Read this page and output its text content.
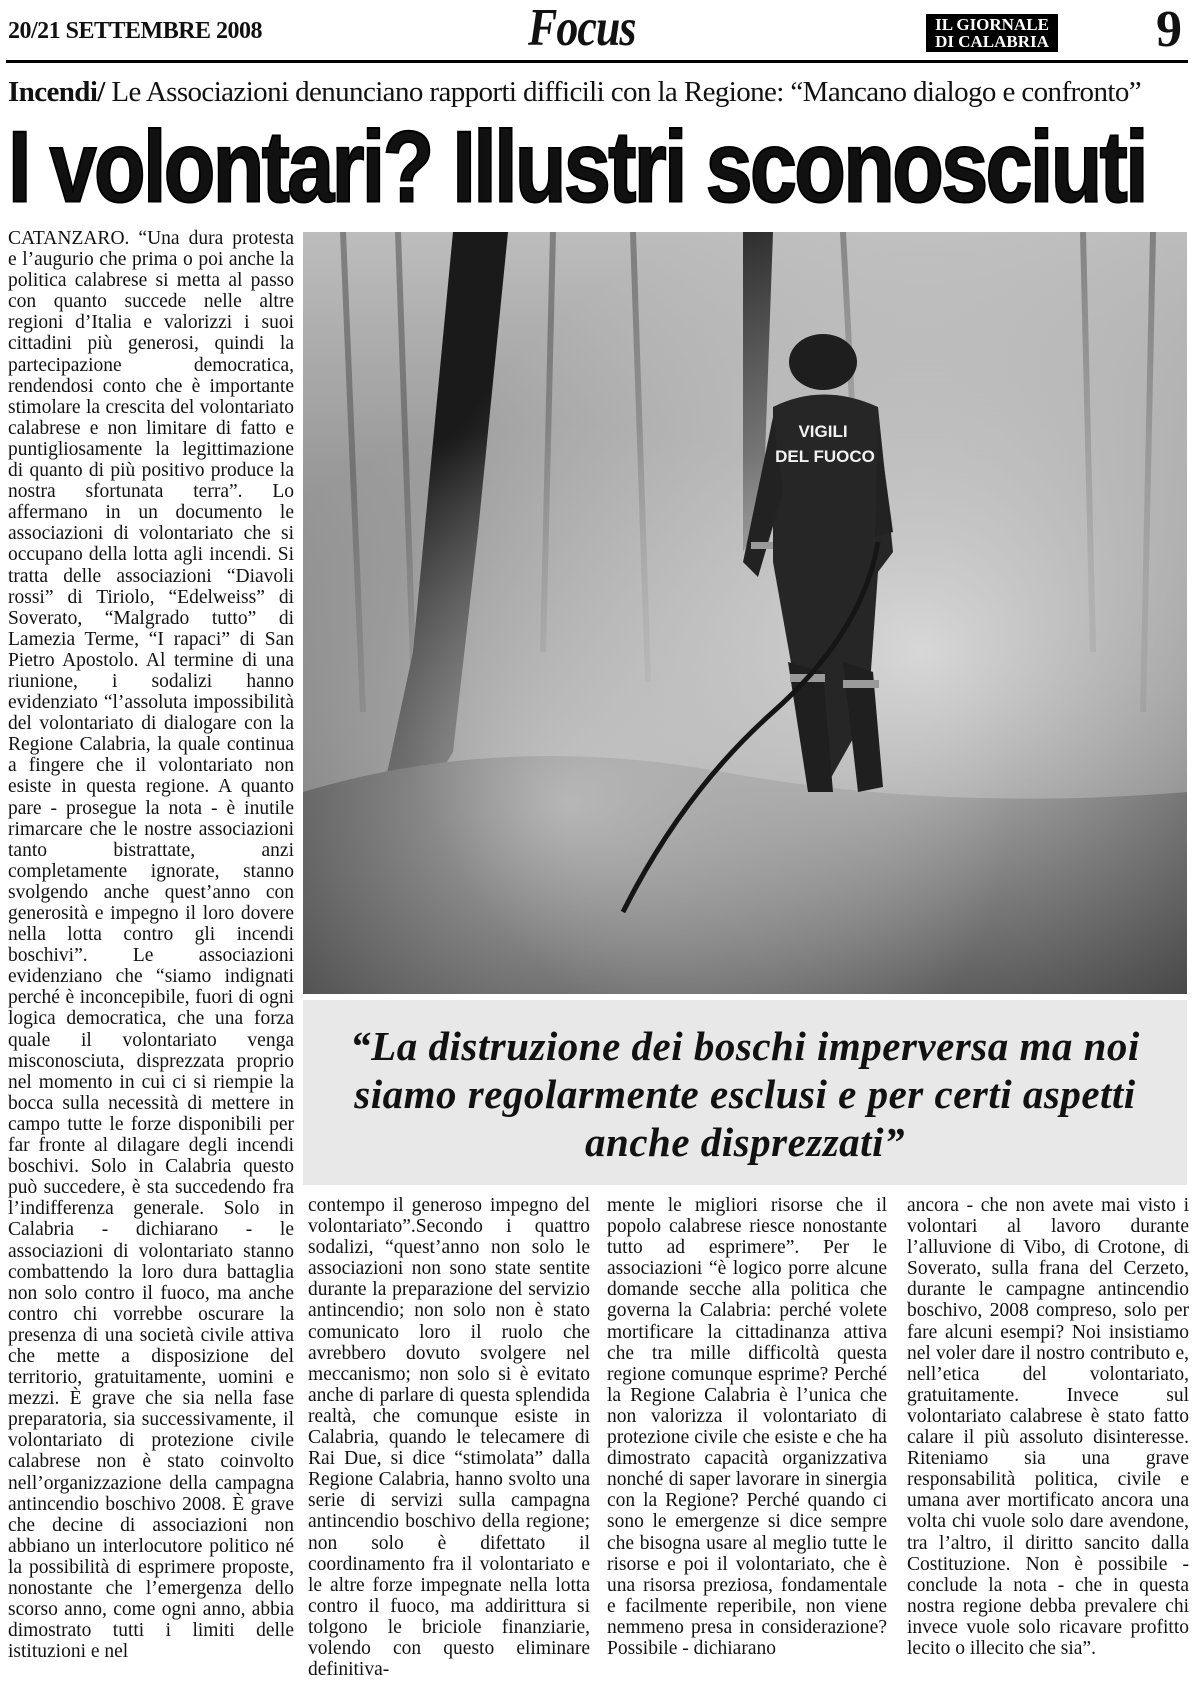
20/21 SETTEMBRE 2008	Focus	IL GIORNALE
DI CALABRIA 9
Incendi/ Le Associazioni denunciano rapporti difficili con la Regione: “Mancano dialogo e confronto”
I volontari? Illustri sconosciuti

CATANZARO. “Una dura protesta e l’augurio che prima o poi anche la politica calabrese si metta al passo con quanto succede nelle altre regioni d’Italia e valorizzi i suoi cittadini più generosi, quindi la partecipazione democratica, rendendosi conto che è importante stimolare la crescita del volontariato calabrese e non limitare di fatto e puntigliosamente la legittimazione di quanto di più positivo produce la nostra sfortunata terra”. Lo affermano in un documento le associazioni di volontariato che si occupano della lotta agli incendi. Si tratta delle associazioni “Diavoli rossi” di Tiriolo, “Edelweiss” di Soverato, “Malgrado tutto” di Lamezia Terme, “I rapaci” di San Pietro Apostolo. Al termine di una riunione, i sodalizi hanno evidenziato “l’assoluta impossibilità del volontariato di dialogare con la Regione Calabria, la quale continua a fingere che il volontariato non esiste in questa regione. A quanto pare - prosegue la nota - è inutile rimarcare che le nostre associazioni tanto bistrattate, anzi completamente ignorate, stanno svolgendo anche quest’anno con generosità e impegno il loro dovere nella lotta contro gli incendi boschivi”. Le associazioni evidenziano che “siamo indignati perché è inconcepibile, fuori di ogni logica democratica, che una forza quale il volontariato venga misconosciuta, disprezzata proprio nel momento in cui ci si riempie la bocca sulla necessità di mettere in campo tutte le forze disponibili per far fronte al dilagare degli incendi boschivi. Solo in Calabria questo può succedere, è sta succedendo fra l’indifferenza generale. Solo in Calabria - dichiarano - le associazioni di volontariato stanno combattendo la loro dura battaglia non solo contro il fuoco, ma anche contro chi vorrebbe oscurare la presenza di una società civile attiva che mette a disposizione del territorio, gratuitamente, uomini e mezzi. È grave che sia nella fase preparatoria, sia successivamente, il volontariato di protezione civile calabrese non è stato coinvolto nell’organizzazione della campagna antincendio boschivo 2008. È grave che decine di associazioni non abbiano un interlocutore politico né la possibilità di esprimere proposte, nonostante che l’emergenza dello scorso anno, come ogni anno, abbia dimostrato tutti i limiti delle istituzioni e nel

VIGILI
DEL FUOCO

“La distruzione dei boschi imperversa ma noi siamo regolarmente esclusi e per certi aspetti anche disprezzati”

contempo il generoso impegno del volontariato”.Secondo i quattro sodalizi, “quest’anno non solo le associazioni non sono state sentite durante la preparazione del servizio antincendio; non solo non è stato comunicato loro il ruolo che avrebbero dovuto svolgere nel meccanismo; non solo si è evitato anche di parlare di questa splendida realtà, che comunque esiste in Calabria, quando le telecamere di Rai Due, si dice “stimolata” dalla Regione Calabria, hanno svolto una serie di servizi sulla campagna antincendio boschivo della regione; non solo è difettato il coordinamento fra il volontariato e le altre forze impegnate nella lotta contro il fuoco, ma addirittura si tolgono le briciole finanziarie, volendo con questo eliminare definitiva-

mente le migliori risorse che il popolo calabrese riesce nonostante tutto ad esprimere”. Per le associazioni “è logico porre alcune domande secche alla politica che governa la Calabria: perché volete mortificare la cittadinanza attiva che tra mille difficoltà questa regione comunque esprime? Perché la Regione Calabria è l’unica che non valorizza il volontariato di protezione civile che esiste e che ha dimostrato capacità organizzativa nonché di saper lavorare in sinergia con la Regione? Perché quando ci sono le emergenze si dice sempre che bisogna usare al meglio tutte le risorse e poi il volontariato, che è una risorsa preziosa, fondamentale e facilmente reperibile, non viene nemmeno presa in considerazione? Possibile - dichiarano

ancora - che non avete mai visto i volontari al lavoro durante l’alluvione di Vibo, di Crotone, di Soverato, sulla frana del Cerzeto, durante le campagne antincendio boschivo, 2008 compreso, solo per fare alcuni esempi? Noi insistiamo nel voler dare il nostro contributo e, nell’etica del volontariato, gratuitamente. Invece sul volontariato calabrese è stato fatto calare il più assoluto disinteresse. Riteniamo sia una grave responsabilità politica, civile e umana aver mortificato ancora una volta chi vuole solo dare avendone, tra l’altro, il diritto sancito dalla Costituzione. Non è possibile - conclude la nota - che in questa nostra regione debba prevalere chi invece vuole solo ricavare profitto lecito o illecito che sia”.
